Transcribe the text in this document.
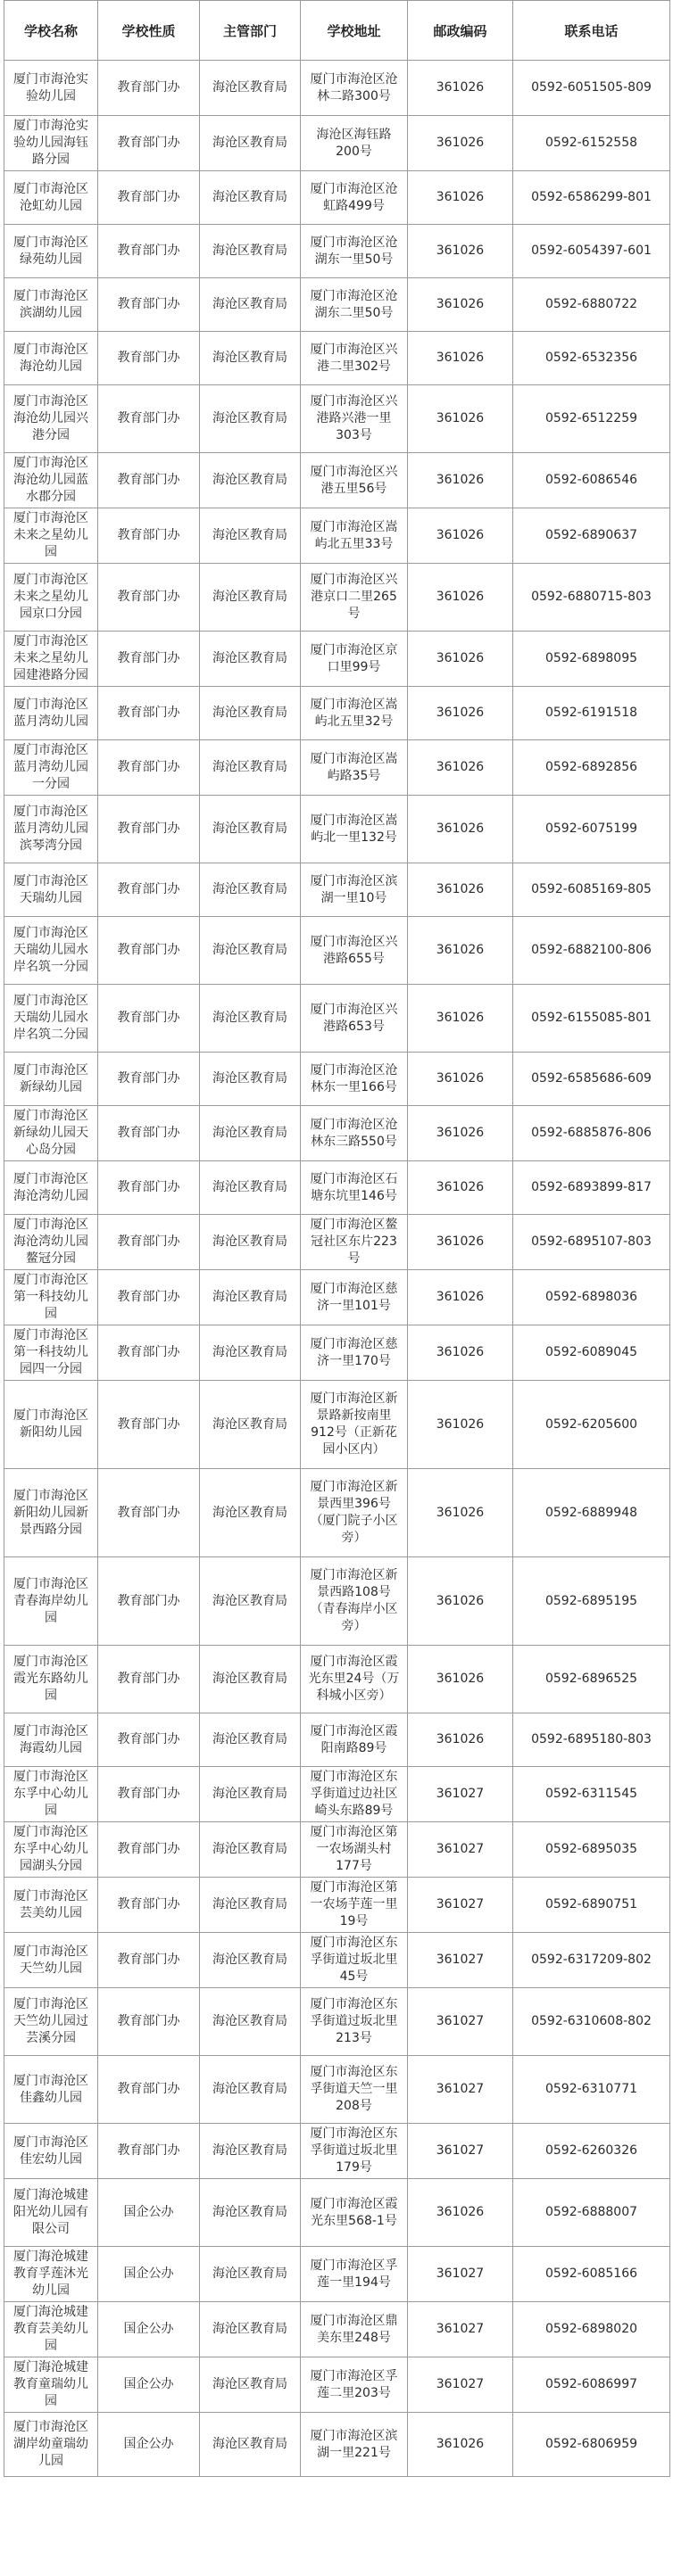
学校名称	学校性质	主管部门	学校地址	邮政编码	联系电话
厦门市海沧实验幼儿园	教育部门办	海沧区教育局	厦门市海沧区沧林二路300号	361026	0592-6051505-809
厦门市海沧实验幼儿园海钰路分园	教育部门办	海沧区教育局	海沧区海钰路200号	361026	0592-6152558
厦门市海沧区沧虹幼儿园	教育部门办	海沧区教育局	厦门市海沧区沧虹路499号	361026	0592-6586299-801
厦门市海沧区绿苑幼儿园	教育部门办	海沧区教育局	厦门市海沧区沧湖东一里50号	361026	0592-6054397-601
厦门市海沧区滨湖幼儿园	教育部门办	海沧区教育局	厦门市海沧区沧湖东二里50号	361026	0592-6880722
厦门市海沧区海沧幼儿园	教育部门办	海沧区教育局	厦门市海沧区兴港二里302号	361026	0592-6532356
厦门市海沧区海沧幼儿园兴港分园	教育部门办	海沧区教育局	厦门市海沧区兴港路兴港一里303号	361026	0592-6512259
厦门市海沧区海沧幼儿园蓝水郡分园	教育部门办	海沧区教育局	厦门市海沧区兴港五里56号	361026	0592-6086546
厦门市海沧区未来之星幼儿园	教育部门办	海沧区教育局	厦门市海沧区嵩屿北五里33号	361026	0592-6890637
厦门市海沧区未来之星幼儿园京口分园	教育部门办	海沧区教育局	厦门市海沧区兴港京口二里265号	361026	0592-6880715-803
厦门市海沧区未来之星幼儿园建港路分园	教育部门办	海沧区教育局	厦门市海沧区京口里99号	361026	0592-6898095
厦门市海沧区蓝月湾幼儿园	教育部门办	海沧区教育局	厦门市海沧区嵩屿北五里32号	361026	0592-6191518
厦门市海沧区蓝月湾幼儿园一分园	教育部门办	海沧区教育局	厦门市海沧区嵩屿路35号	361026	0592-6892856
厦门市海沧区蓝月湾幼儿园滨琴湾分园	教育部门办	海沧区教育局	厦门市海沧区嵩屿北一里132号	361026	0592-6075199
厦门市海沧区天瑞幼儿园	教育部门办	海沧区教育局	厦门市海沧区滨湖一里10号	361026	0592-6085169-805
厦门市海沧区天瑞幼儿园水岸名筑一分园	教育部门办	海沧区教育局	厦门市海沧区兴港路655号	361026	0592-6882100-806
厦门市海沧区天瑞幼儿园水岸名筑二分园	教育部门办	海沧区教育局	厦门市海沧区兴港路653号	361026	0592-6155085-801
厦门市海沧区新绿幼儿园	教育部门办	海沧区教育局	厦门市海沧区沧林东一里166号	361026	0592-6585686-609
厦门市海沧区新绿幼儿园天心岛分园	教育部门办	海沧区教育局	厦门市海沧区沧林东三路550号	361026	0592-6885876-806
厦门市海沧区海沧湾幼儿园	教育部门办	海沧区教育局	厦门市海沧区石塘东坑里146号	361026	0592-6893899-817
厦门市海沧区海沧湾幼儿园鳌冠分园	教育部门办	海沧区教育局	厦门市海沧区鳌冠社区东片223号	361026	0592-6895107-803
厦门市海沧区第一科技幼儿园	教育部门办	海沧区教育局	厦门市海沧区慈济一里101号	361026	0592-6898036
厦门市海沧区第一科技幼儿园四一分园	教育部门办	海沧区教育局	厦门市海沧区慈济一里170号	361026	0592-6089045
厦门市海沧区新阳幼儿园	教育部门办	海沧区教育局	厦门市海沧区新景路新按南里912号（正新花园小区内）	361026	0592-6205600
厦门市海沧区新阳幼儿园新景西路分园	教育部门办	海沧区教育局	厦门市海沧区新景西里396号（厦门院子小区旁）	361026	0592-6889948
厦门市海沧区青春海岸幼儿园	教育部门办	海沧区教育局	厦门市海沧区新景西路108号（青春海岸小区旁）	361026	0592-6895195
厦门市海沧区霞光东路幼儿园	教育部门办	海沧区教育局	厦门市海沧区霞光东里24号（万科城小区旁）	361026	0592-6896525
厦门市海沧区海霞幼儿园	教育部门办	海沧区教育局	厦门市海沧区霞阳南路89号	361026	0592-6895180-803
厦门市海沧区东孚中心幼儿园	教育部门办	海沧区教育局	厦门市海沧区东孚街道过边社区崎头东路89号	361027	0592-6311545
厦门市海沧区东孚中心幼儿园湖头分园	教育部门办	海沧区教育局	厦门市海沧区第一农场湖头村177号	361027	0592-6895035
厦门市海沧区芸美幼儿园	教育部门办	海沧区教育局	厦门市海沧区第一农场芋莲一里19号	361027	0592-6890751
厦门市海沧区天竺幼儿园	教育部门办	海沧区教育局	厦门市海沧区东孚街道过坂北里45号	361027	0592-6317209-802
厦门市海沧区天竺幼儿园过芸溪分园	教育部门办	海沧区教育局	厦门市海沧区东孚街道过坂北里213号	361027	0592-6310608-802
厦门市海沧区佳鑫幼儿园	教育部门办	海沧区教育局	厦门市海沧区东孚街道天竺一里208号	361027	0592-6310771
厦门市海沧区佳宏幼儿园	教育部门办	海沧区教育局	厦门市海沧区东孚街道过坂北里179号	361027	0592-6260326
厦门海沧城建阳光幼儿园有限公司	国企公办	海沧区教育局	厦门市海沧区霞光东里568-1号	361026	0592-6888007
厦门海沧城建教育孚莲沐光幼儿园	国企公办	海沧区教育局	厦门市海沧区孚莲一里194号	361027	0592-6085166
厦门海沧城建教育芸美幼儿园	国企公办	海沧区教育局	厦门市海沧区鼎美东里248号	361027	0592-6898020
厦门海沧城建教育童瑞幼儿园	国企公办	海沧区教育局	厦门市海沧区孚莲二里203号	361027	0592-6086997
厦门市海沧区湖岸幼童瑞幼儿园	国企公办	海沧区教育局	厦门市海沧区滨湖一里221号	361026	0592-6806959
